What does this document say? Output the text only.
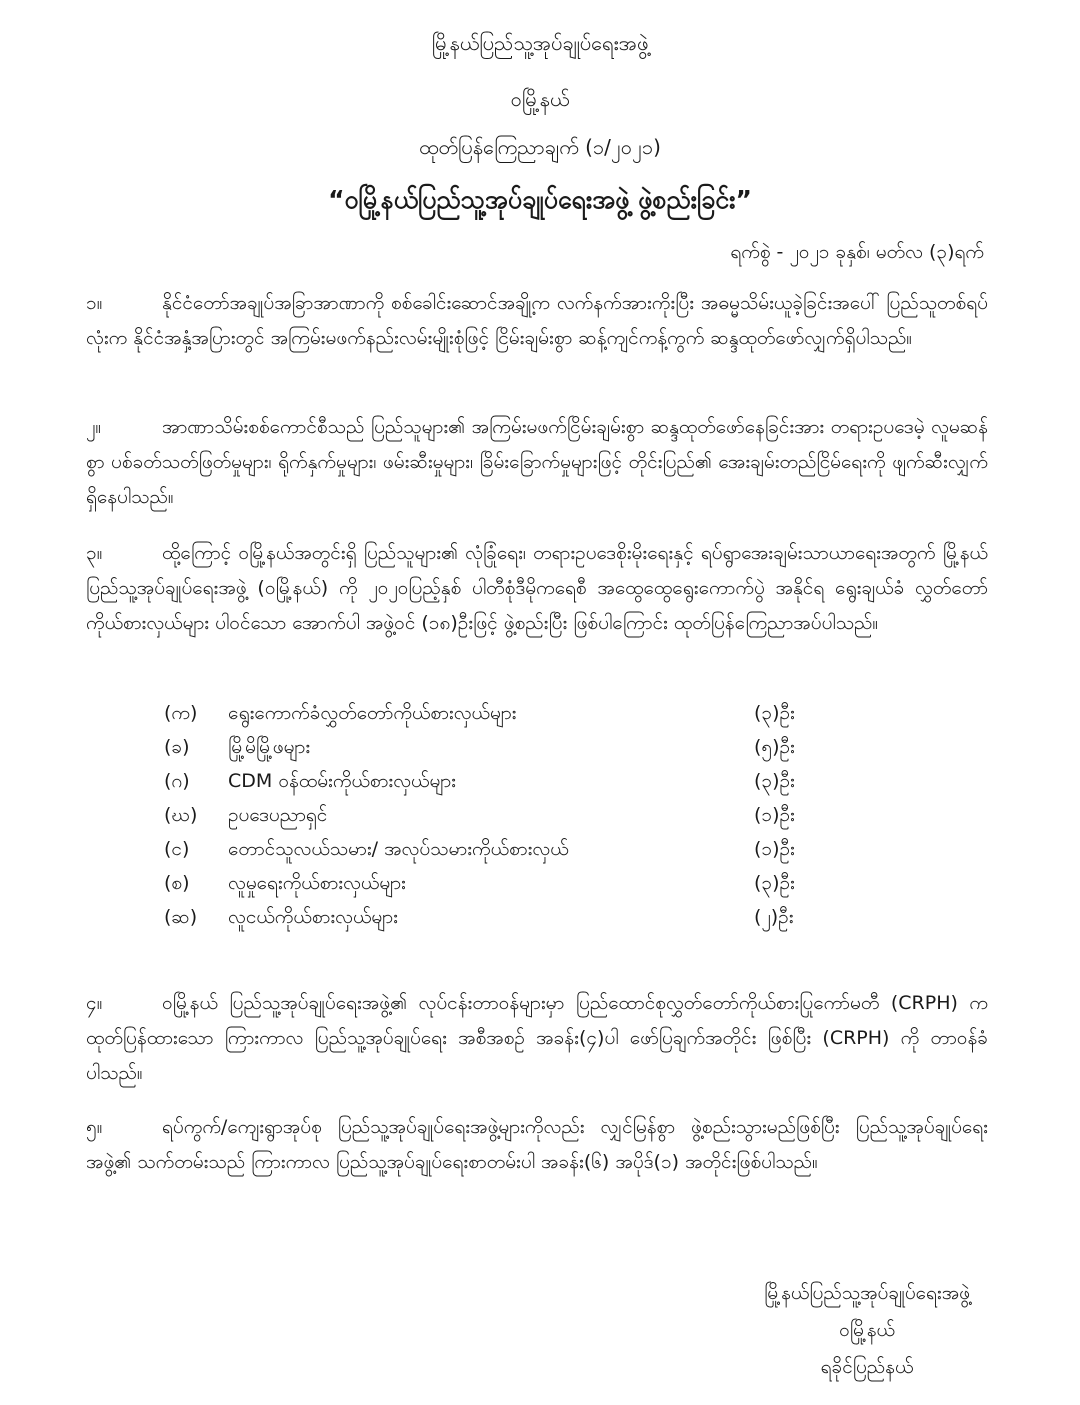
မြို့နယ်ပြည်သူ့အုပ်ချုပ်ရေးအဖွဲ့
ဝမြို့နယ်
ထုတ်ပြန်ကြေညာချက် (၁/၂၀၂၁)
“ဝမြို့နယ်ပြည်သူ့အုပ်ချုပ်ရေးအဖွဲ့ ဖွဲ့စည်းခြင်း”
ရက်စွဲ - ၂၀၂၁ ခုနှစ်၊ မတ်လ (၃)ရက်

၁။	နိုင်ငံတော်အချုပ်အခြာအာဏာကို စစ်ခေါင်းဆောင်အချို့က လက်နက်အားကိုးပြီး အဓမ္မသိမ်းယူခဲ့ခြင်းအပေါ် ပြည်သူတစ်ရပ်လုံးက နိုင်ငံအနှံ့အပြားတွင် အကြမ်းမဖက်နည်းလမ်းမျိုးစုံဖြင့် ငြိမ်းချမ်းစွာ ဆန့်ကျင်ကန့်ကွက် ဆန္ဒထုတ်ဖော်လျှက်ရှိပါသည်။

၂။	အာဏာသိမ်းစစ်ကောင်စီသည် ပြည်သူများ၏ အကြမ်းမဖက်ငြိမ်းချမ်းစွာ ဆန္ဒထုတ်ဖော်နေခြင်းအား တရားဥပဒေမဲ့ လူမဆန်စွာ ပစ်ခတ်သတ်ဖြတ်မှုများ၊ ရိုက်နှက်မှုများ၊ ဖမ်းဆီးမှုများ၊ ခြိမ်းခြောက်မှုများဖြင့် တိုင်းပြည်၏ အေးချမ်းတည်ငြိမ်ရေးကို ဖျက်ဆီးလျှက်ရှိနေပါသည်။

၃။	ထို့ကြောင့် ဝမြို့နယ်အတွင်းရှိ ပြည်သူများ၏ လုံခြုံရေး၊ တရားဥပဒေစိုးမိုးရေးနှင့် ရပ်ရွာအေးချမ်းသာယာရေးအတွက် မြို့နယ်ပြည်သူ့အုပ်ချုပ်ရေးအဖွဲ့ (ဝမြို့နယ်) ကို ၂၀၂၀ပြည့်နှစ် ပါတီစုံဒီမိုကရေစီ အထွေထွေရွေးကောက်ပွဲ အနိုင်ရ ရွေးချယ်ခံ လွှတ်တော်ကိုယ်စားလှယ်များ ပါဝင်သော အောက်ပါ အဖွဲ့ဝင် (၁၈)ဦးဖြင့် ဖွဲ့စည်းပြီး ဖြစ်ပါကြောင်း ထုတ်ပြန်ကြေညာအပ်ပါသည်။

(က) ရွေးကောက်ခံလွှတ်တော်ကိုယ်စားလှယ်များ	(၃)ဦး
(ခ) မြို့မိမြို့ဖများ	(၅)ဦး
(ဂ) CDM ဝန်ထမ်းကိုယ်စားလှယ်များ	(၃)ဦး
(ဃ) ဥပဒေပညာရှင်	(၁)ဦး
(င) တောင်သူလယ်သမား/ အလုပ်သမားကိုယ်စားလှယ်	(၁)ဦး
(စ) လူမှုရေးကိုယ်စားလှယ်များ	(၃)ဦး
(ဆ) လူငယ်ကိုယ်စားလှယ်များ	(၂)ဦး

၄။	ဝမြို့နယ် ပြည်သူ့အုပ်ချုပ်ရေးအဖွဲ့၏ လုပ်ငန်းတာဝန်များမှာ ပြည်ထောင်စုလွှတ်တော်ကိုယ်စားပြုကော်မတီ (CRPH) က ထုတ်ပြန်ထားသော ကြားကာလ ပြည်သူ့အုပ်ချုပ်ရေး အစီအစဉ် အခန်း(၄)ပါ ဖော်ပြချက်အတိုင်း ဖြစ်ပြီး (CRPH) ကို တာဝန်ခံပါသည်။

၅။	ရပ်ကွက်/ကျေးရွာအုပ်စု ပြည်သူ့အုပ်ချုပ်ရေးအဖွဲ့များကိုလည်း လျှင်မြန်စွာ ဖွဲ့စည်းသွားမည်ဖြစ်ပြီး ပြည်သူ့အုပ်ချုပ်ရေးအဖွဲ့၏ သက်တမ်းသည် ကြားကာလ ပြည်သူ့အုပ်ချုပ်ရေးစာတမ်းပါ အခန်း(၆) အပိုဒ်(၁) အတိုင်းဖြစ်ပါသည်။

မြို့နယ်ပြည်သူ့အုပ်ချုပ်ရေးအဖွဲ့
ဝမြို့နယ်
ရခိုင်ပြည်နယ်
